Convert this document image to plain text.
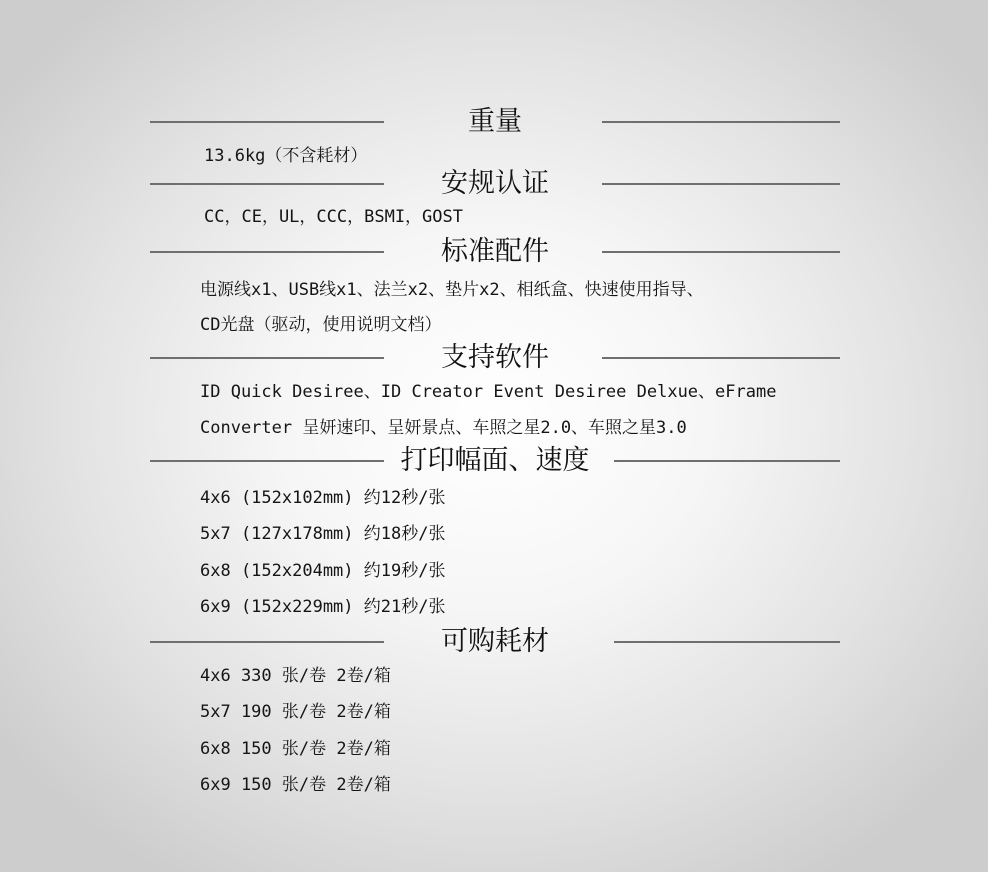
重量
13.6kg（不含耗材）
安规认证
CC，CE，UL，CCC，BSMI，GOST
标准配件
电源线x1、USB线x1、法兰x2、垫片x2、相纸盒、快速使用指导、
CD光盘（驱动，使用说明文档）
支持软件
ID Quick Desiree、ID Creator Event Desiree Delxue、eFrame
Converter 呈妍速印、呈妍景点、车照之星2.0、车照之星3.0
打印幅面、速度
4x6 (152x102mm) 约12秒/张
5x7 (127x178mm) 约18秒/张
6x8 (152x204mm) 约19秒/张
6x9 (152x229mm) 约21秒/张
可购耗材
4x6 330 张/卷 2卷/箱
5x7 190 张/卷 2卷/箱
6x8 150 张/卷 2卷/箱
6x9 150 张/卷 2卷/箱
